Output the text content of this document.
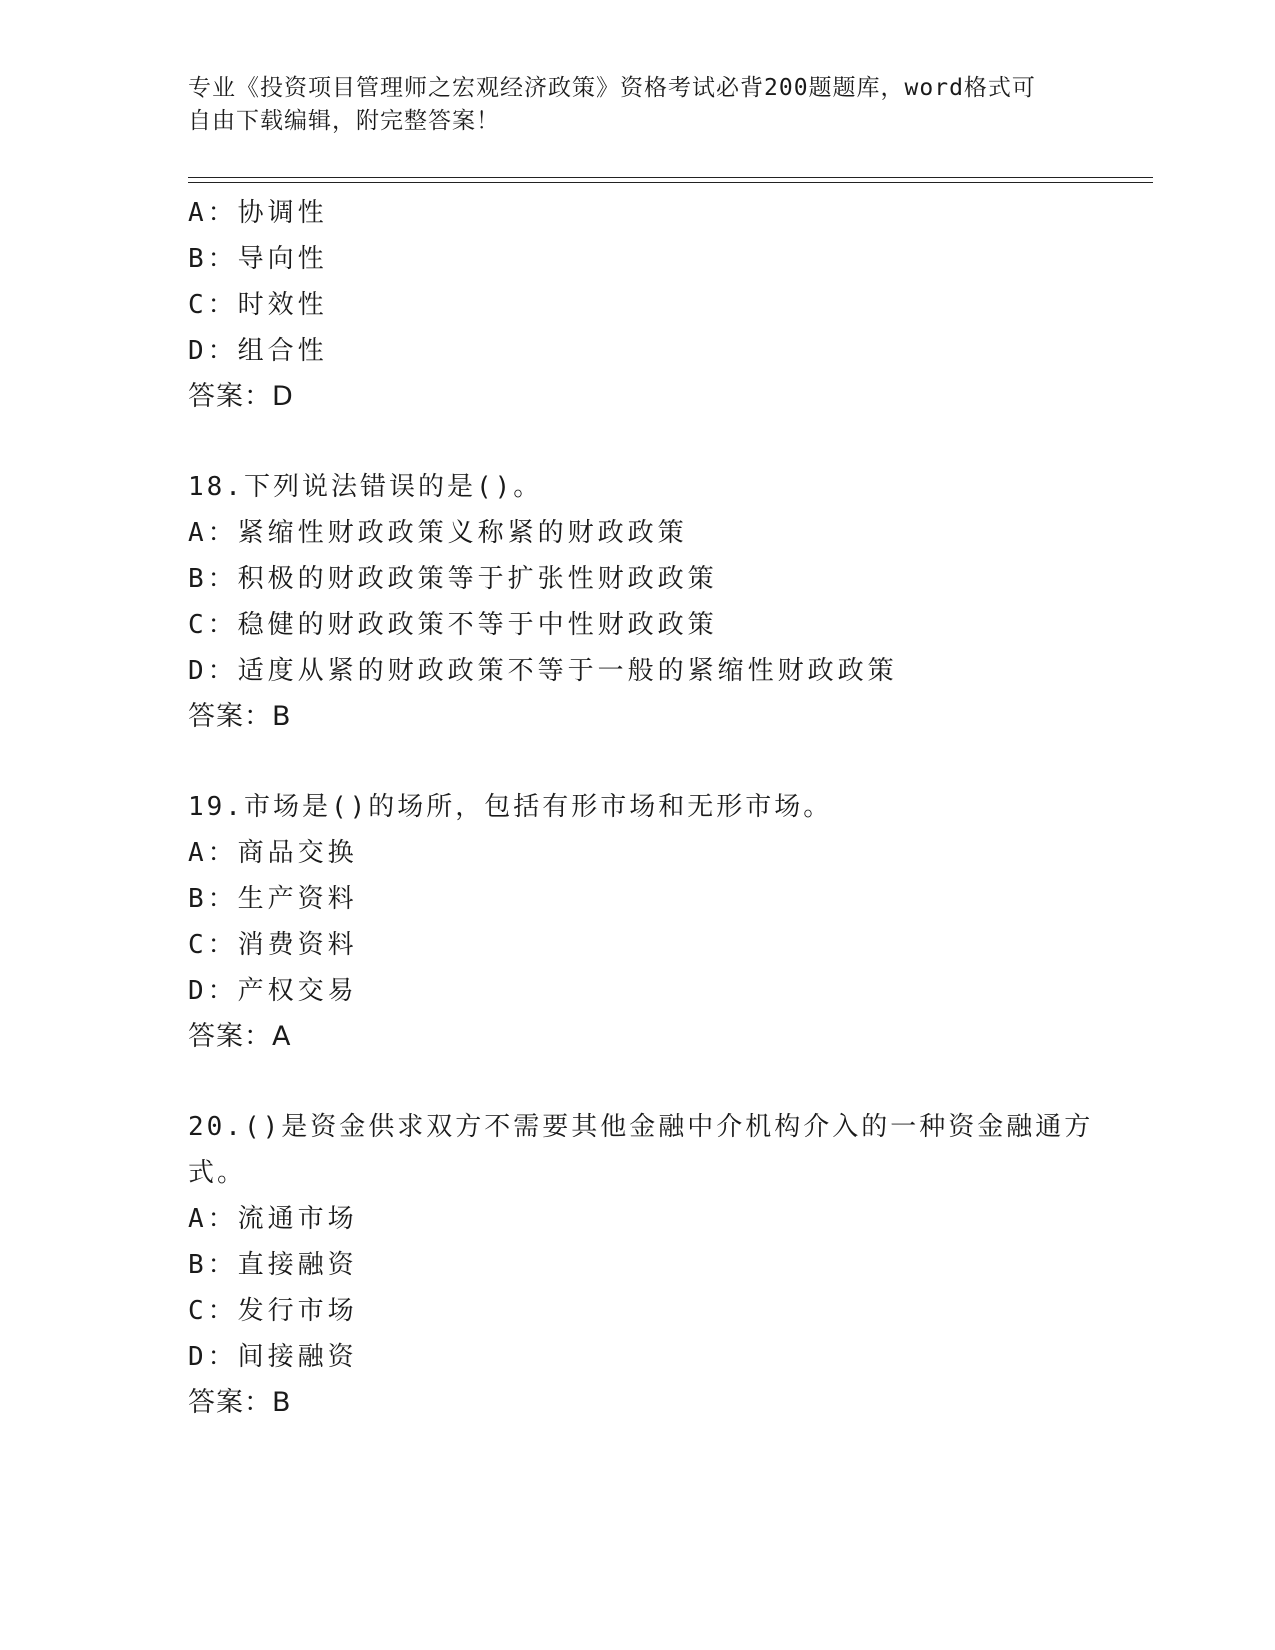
专业《投资项目管理师之宏观经济政策》资格考试必背200题题库，word格式可
自由下载编辑，附完整答案！
A：协调性
B：导向性
C：时效性
D：组合性
答案：D
18.下列说法错误的是()。
A：紧缩性财政政策义称紧的财政政策
B：积极的财政政策等于扩张性财政政策
C：稳健的财政政策不等于中性财政政策
D：适度从紧的财政政策不等于一般的紧缩性财政政策
答案：B
19.市场是()的场所，包括有形市场和无形市场。
A：商品交换
B：生产资料
C：消费资料
D：产权交易
答案：A
20.()是资金供求双方不需要其他金融中介机构介入的一种资金融通方
式。
A：流通市场
B：直接融资
C：发行市场
D：间接融资
答案：B
